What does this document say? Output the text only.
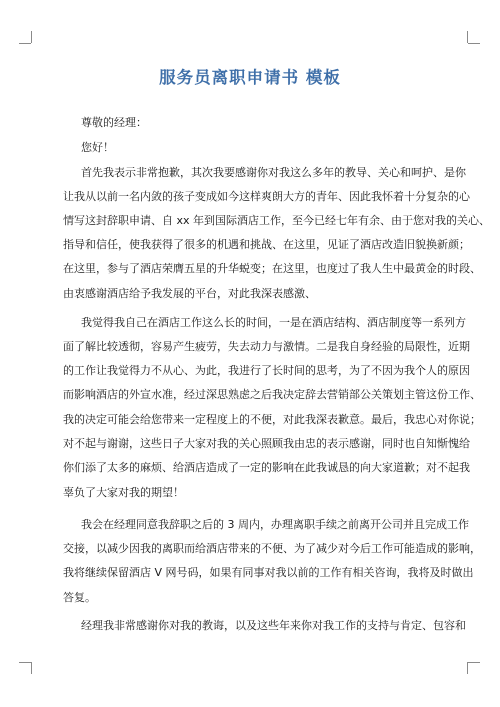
服务员离职申请书 模板
尊敬的经理：
您好！
首先我表示非常抱歉，其次我要感谢你对我这么多年的教导、关心和呵护、是你
让我从以前一名内敛的孩子变成如今这样爽朗大方的青年、因此我怀着十分复杂的心
情写这封辞职申请、自 xx 年到国际酒店工作，至今已经七年有余、由于您对我的关心、
指导和信任，使我获得了很多的机遇和挑战、在这里，见证了酒店改造旧貌换新颜；
在这里，参与了酒店荣膺五星的升华蜕变；在这里，也度过了我人生中最黄金的时段、
由衷感谢酒店给予我发展的平台，对此我深表感激、
我觉得我自己在酒店工作这么长的时间，一是在酒店结构、酒店制度等一系列方
面了解比较透彻，容易产生疲劳，失去动力与激情。二是我自身经验的局限性，近期
的工作让我觉得力不从心、为此，我进行了长时间的思考，为了不因为我个人的原因
而影响酒店的外宣水准，经过深思熟虑之后我决定辞去营销部公关策划主管这份工作、
我的决定可能会给您带来一定程度上的不便，对此我深表歉意。最后，我忠心对你说；
对不起与谢谢，这些日子大家对我的关心照顾我由忠的表示感谢，同时也自知惭愧给
你们添了太多的麻烦、给酒店造成了一定的影响在此我诚恳的向大家道歉；对不起我
辜负了大家对我的期望！
我会在经理同意我辞职之后的 3 周内，办理离职手续之前离开公司并且完成工作
交接，以减少因我的离职而给酒店带来的不便、为了减少对今后工作可能造成的影响，
我将继续保留酒店 V 网号码，如果有同事对我以前的工作有相关咨询，我将及时做出
答复。
经理我非常感谢你对我的教诲，以及这些年来你对我工作的支持与肯定、包容和
